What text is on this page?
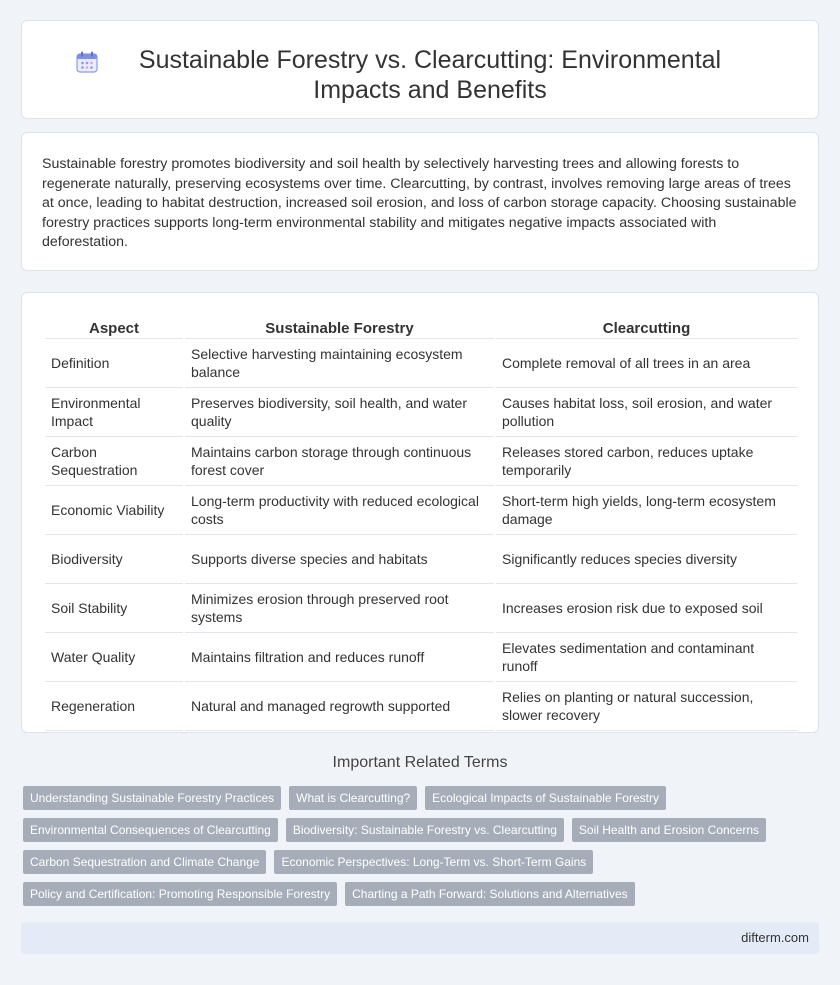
Sustainable Forestry vs. Clearcutting: Environmental Impacts and Benefits

Sustainable forestry promotes biodiversity and soil health by selectively harvesting trees and allowing forests to regenerate naturally, preserving ecosystems over time. Clearcutting, by contrast, involves removing large areas of trees at once, leading to habitat destruction, increased soil erosion, and loss of carbon storage capacity. Choosing sustainable forestry practices supports long-term environmental stability and mitigates negative impacts associated with deforestation.

Aspect	Sustainable Forestry	Clearcutting
Definition	Selective harvesting maintaining ecosystem balance	Complete removal of all trees in an area
Environmental Impact	Preserves biodiversity, soil health, and water quality	Causes habitat loss, soil erosion, and water pollution
Carbon Sequestration	Maintains carbon storage through continuous forest cover	Releases stored carbon, reduces uptake temporarily
Economic Viability	Long-term productivity with reduced ecological costs	Short-term high yields, long-term ecosystem damage
Biodiversity	Supports diverse species and habitats	Significantly reduces species diversity
Soil Stability	Minimizes erosion through preserved root systems	Increases erosion risk due to exposed soil
Water Quality	Maintains filtration and reduces runoff	Elevates sedimentation and contaminant runoff
Regeneration	Natural and managed regrowth supported	Relies on planting or natural succession, slower recovery
Important Related Terms
Understanding Sustainable Forestry Practices	What is Clearcutting?	Ecological Impacts of Sustainable Forestry
Environmental Consequences of Clearcutting	Biodiversity: Sustainable Forestry vs. Clearcutting	Soil Health and Erosion Concerns
Carbon Sequestration and Climate Change	Economic Perspectives: Long-Term vs. Short-Term Gains
Policy and Certification: Promoting Responsible Forestry	Charting a Path Forward: Solutions and Alternatives
difterm.com
